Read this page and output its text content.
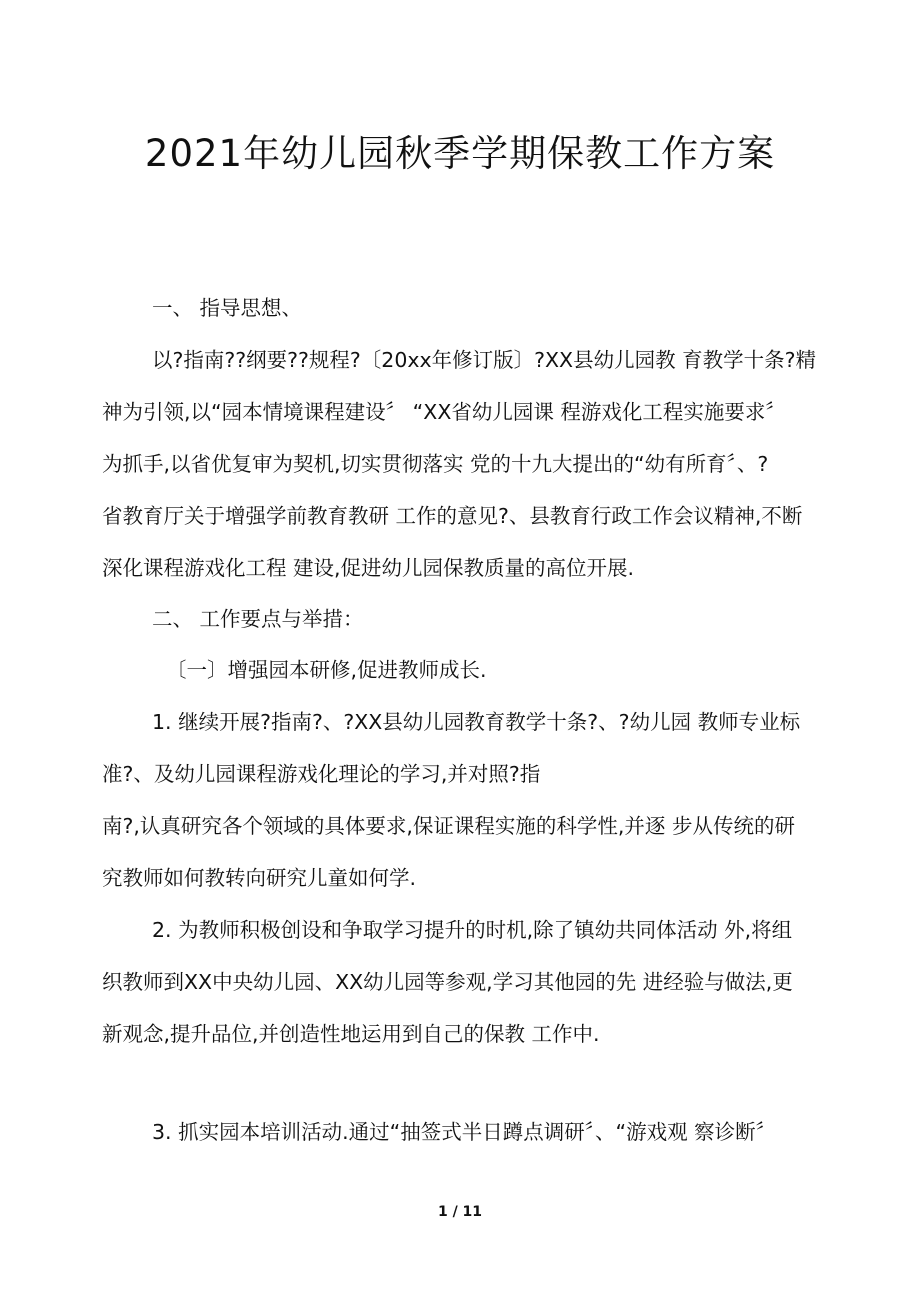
2021年幼儿园秋季学期保教工作方案
一、 指导思想、
以?指南??纲要??规程?〔20xx年修订版〕?XX县幼儿园教 育教学十条?精
神为引领,以“园本情境课程建设〞 “XX省幼儿园课 程游戏化工程实施要求〞
为抓手,以省优复审为契机,切实贯彻落实 党的十九大提出的“幼有所育〞、?
省教育厅关于增强学前教育教研 工作的意见?、县教育行政工作会议精神,不断
深化课程游戏化工程 建设,促进幼儿园保教质量的高位开展.
二、 工作要点与举措：
〔一〕增强园本研修,促进教师成长.
1. 继续开展?指南?、?XX县幼儿园教育教学十条?、?幼儿园 教师专业标
准?、及幼儿园课程游戏化理论的学习,并对照?指
南?,认真研究各个领域的具体要求,保证课程实施的科学性,并逐 步从传统的研
究教师如何教转向研究儿童如何学.
2. 为教师积极创设和争取学习提升的时机,除了镇幼共同体活动 外,将组
织教师到XX中央幼儿园、XX幼儿园等参观,学习其他园的先 进经验与做法,更
新观念,提升品位,并创造性地运用到自己的保教 工作中.
3. 抓实园本培训活动.通过“抽签式半日蹲点调研〞、“游戏观 察诊断〞
1 / 11
